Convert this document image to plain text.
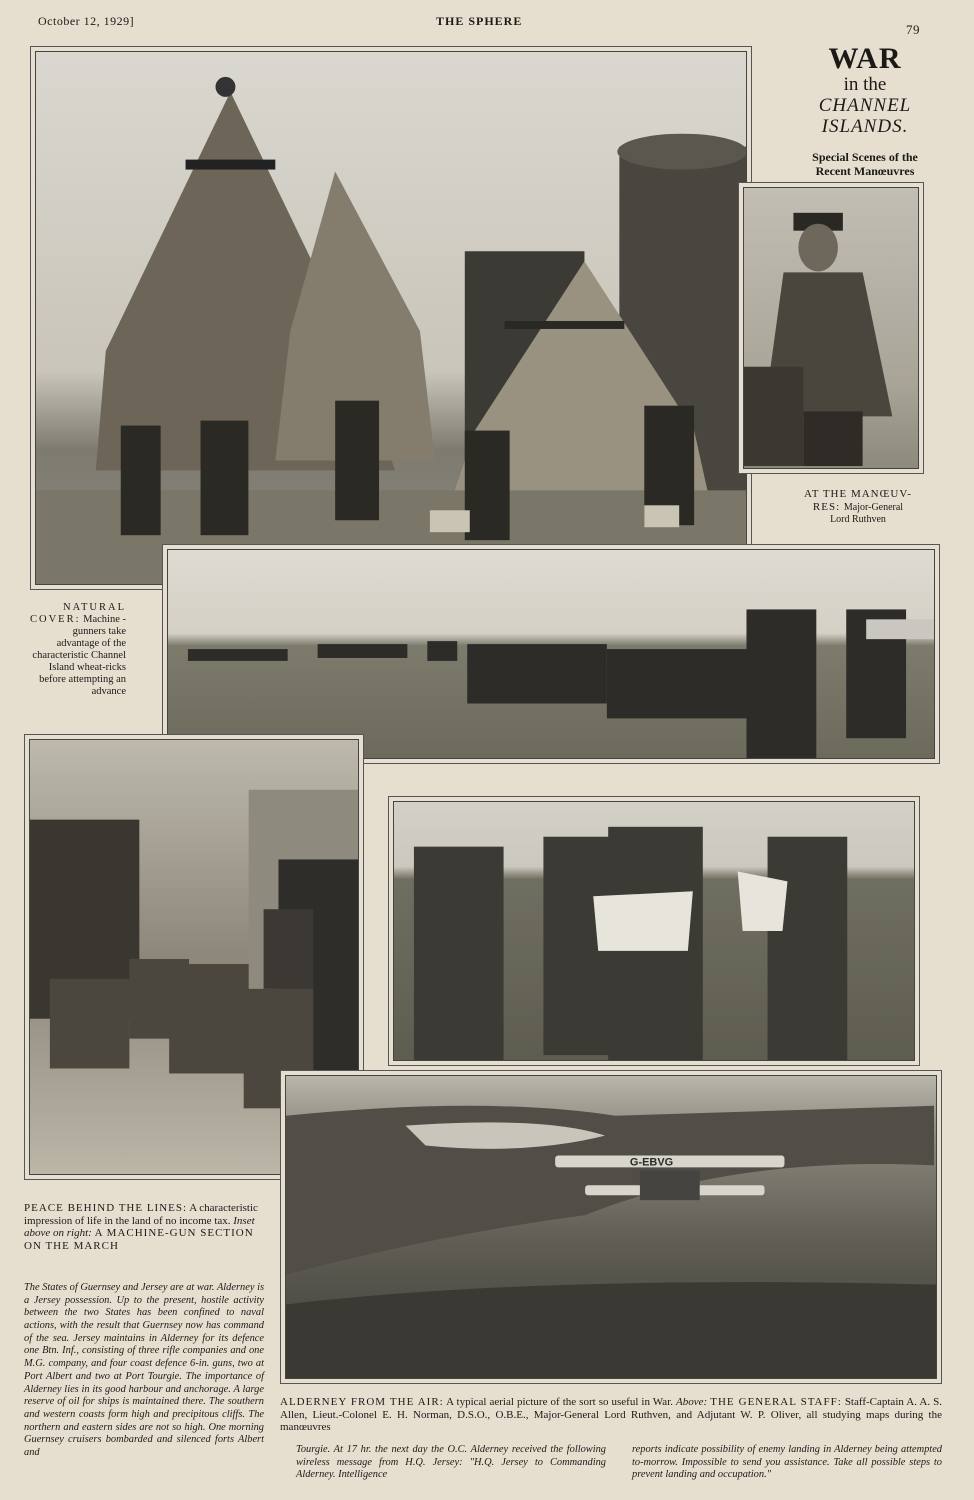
October 12, 1929]	THE SPHERE
79
WAR
in the
CHANNEL
ISLANDS.
Special Scenes of the
Recent Manœuvres
AT THE MANŒUV-
RES: Major-General
Lord Ruthven
NATURAL COVER: Machine - gunners take advantage of the characteristic Channel Island wheat-ricks before attempting an advance
G-EBVG
PEACE BEHIND THE LINES: A characteristic impression of life in the land of no income tax. Inset above on right: A MACHINE-GUN SECTION ON THE MARCH
The States of Guernsey and Jersey are at war. Alderney is a Jersey possession. Up to the present, hostile activity between the two States has been confined to naval actions, with the result that Guernsey now has command of the sea. Jersey maintains in Alderney for its defence one Btn. Inf., consisting of three rifle companies and one M.G. company, and four coast defence 6-in. guns, two at Port Albert and two at Port Tourgie. The importance of Alderney lies in its good harbour and anchorage. A large reserve of oil for ships is maintained there. The southern and western coasts form high and precipitous cliffs. The northern and eastern sides are not so high. One morning Guernsey cruisers bombarded and silenced forts Albert and
ALDERNEY FROM THE AIR: A typical aerial picture of the sort so useful in War. Above: THE GENERAL STAFF: Staff-Captain A. A. S. Allen, Lieut.-Colonel E. H. Norman, D.S.O., O.B.E., Major-General Lord Ruthven, and Adjutant W. P. Oliver, all studying maps during the manœuvres
Tourgie. At 17 hr. the next day the O.C. Alderney received the following wireless message from H.Q. Jersey: "H.Q. Jersey to Commanding Alderney. Intelligence
reports indicate possibility of enemy landing in Alderney being attempted to-morrow. Impossible to send you assistance. Take all possible steps to prevent landing and occupation."
